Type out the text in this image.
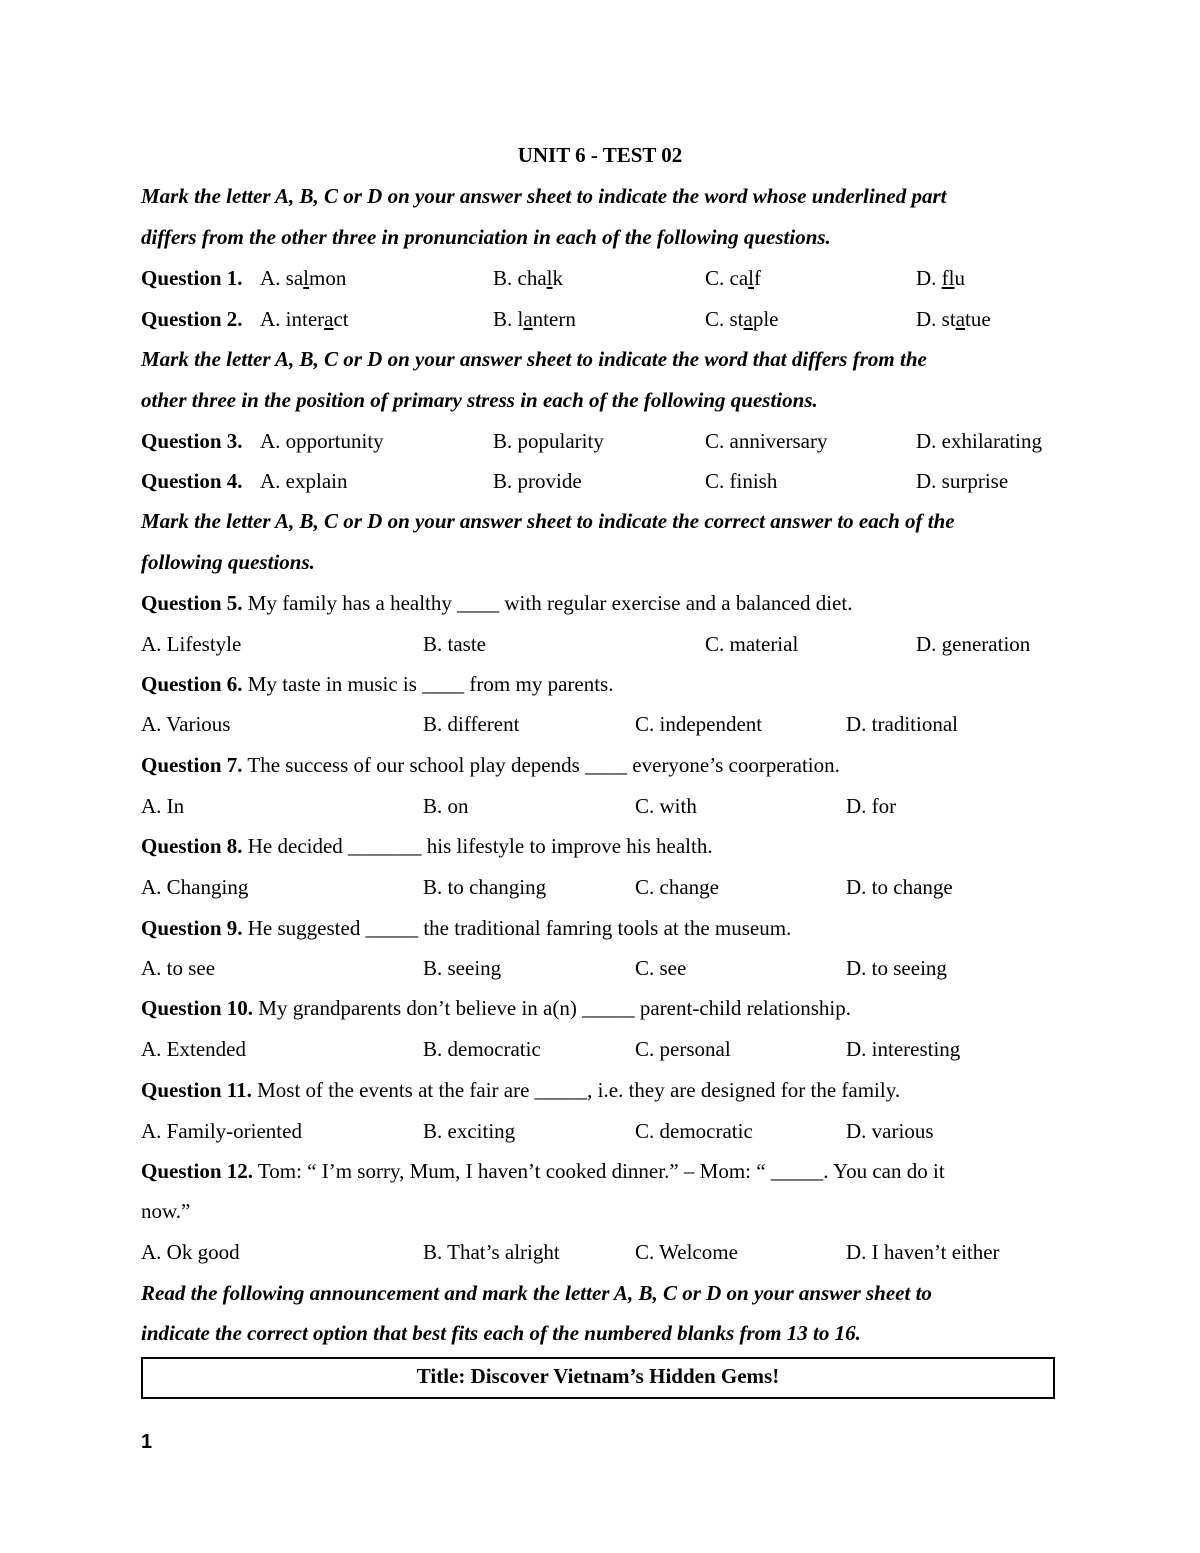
UNIT 6 - TEST 02
Mark the letter A, B, C or D on your answer sheet to indicate the word whose underlined part
differs from the other three in pronunciation in each of the following questions.
Question 1. A. salmon	B. chalk	C. calf	D. flu
Question 2. A. interact	B. lantern	C. staple	D. statue
Mark the letter A, B, C or D on your answer sheet to indicate the word that differs from the
other three in the position of primary stress in each of the following questions.
Question 3. A. opportunity	B. popularity	C. anniversary	D. exhilarating
Question 4. A. explain	B. provide	C. finish	D. surprise
Mark the letter A, B, C or D on your answer sheet to indicate the correct answer to each of the
following questions.
Question 5. My family has a healthy ____ with regular exercise and a balanced diet.
A. Lifestyle	B. taste	C. material	D. generation
Question 6. My taste in music is ____ from my parents.
A. Various	B. different	C. independent	D. traditional
Question 7. The success of our school play depends ____ everyone’s coorperation.
A. In	B. on	C. with	D. for
Question 8. He decided _______ his lifestyle to improve his health.
A. Changing	B. to changing	C. change	D. to change
Question 9. He suggested _____ the traditional famring tools at the museum.
A. to see	B. seeing	C. see	D. to seeing
Question 10. My grandparents don’t believe in a(n) _____ parent-child relationship.
A. Extended	B. democratic	C. personal	D. interesting
Question 11. Most of the events at the fair are _____, i.e. they are designed for the family.
A. Family-oriented	B. exciting	C. democratic	D. various
Question 12. Tom: “ I’m sorry, Mum, I haven’t cooked dinner.” – Mom: “ _____. You can do it
now.”
A. Ok good	B. That’s alright	C. Welcome	D. I haven’t either
Read the following announcement and mark the letter A, B, C or D on your answer sheet to
indicate the correct option that best fits each of the numbered blanks from 13 to 16.
Title: Discover Vietnam’s Hidden Gems!
1
